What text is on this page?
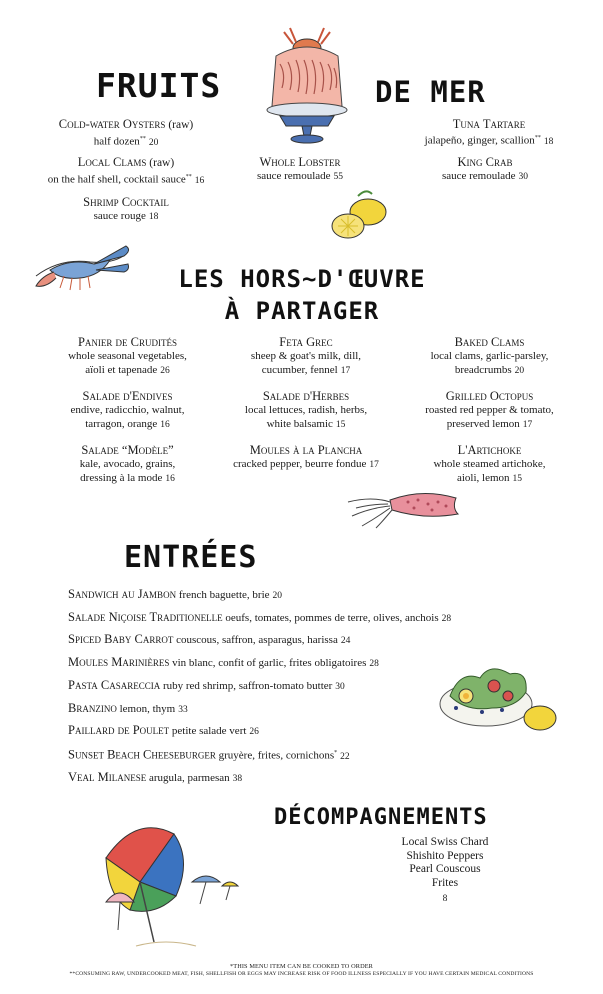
FRUITS	DE MER
Cold-water Oysters (raw)
half dozen** 20
Tuna Tartare
jalapeño, ginger, scallion** 18
Local Clams (raw)
on the half shell, cocktail sauce** 16
Whole Lobster
sauce remoulade 55
King Crab
sauce remoulade 30
Shrimp Cocktail
sauce rouge 18
LES HORS~D'ŒUVRE
À PARTAGER
Panier de Crudités
whole seasonal vegetables,
aïoli et tapenade 26
Salade d'Endives
endive, radicchio, walnut,
tarragon, orange 16
Salade “Modèle”
kale, avocado, grains,
dressing à la mode 16
Feta Grec
sheep & goat's milk, dill,
cucumber, fennel 17
Salade d'Herbes
local lettuces, radish, herbs,
white balsamic 15
Moules à la Plancha
cracked pepper, beurre fondue 17
Baked Clams
local clams, garlic-parsley,
breadcrumbs 20
Grilled Octopus
roasted red pepper & tomato,
preserved lemon 17
L'Artichoke
whole steamed artichoke,
aioli, lemon 15
ENTRÉES
Sandwich au Jambon french baguette, brie 20
Salade Niçoise Traditionelle oeufs, tomates, pommes de terre, olives, anchois 28
Spiced Baby Carrot couscous, saffron, asparagus, harissa 24
Moules Marinières vin blanc, confit of garlic, frites obligatoires 28
Pasta Casareccia ruby red shrimp, saffron-tomato butter 30
Branzino lemon, thym 33
Paillard de Poulet petite salade vert 26
Sunset Beach Cheeseburger gruyère, frites, cornichons* 22
Veal Milanese arugula, parmesan 38
DÉCOMPAGNEMENTS
Local Swiss Chard
Shishito Peppers
Pearl Couscous
Frites
8
*THIS MENU ITEM CAN BE COOKED TO ORDER
**CONSUMING RAW, UNDERCOOKED MEAT, FISH, SHELLFISH OR EGGS MAY INCREASE RISK OF FOOD ILLNESS ESPECIALLY IF YOU HAVE CERTAIN MEDICAL CONDITIONS
